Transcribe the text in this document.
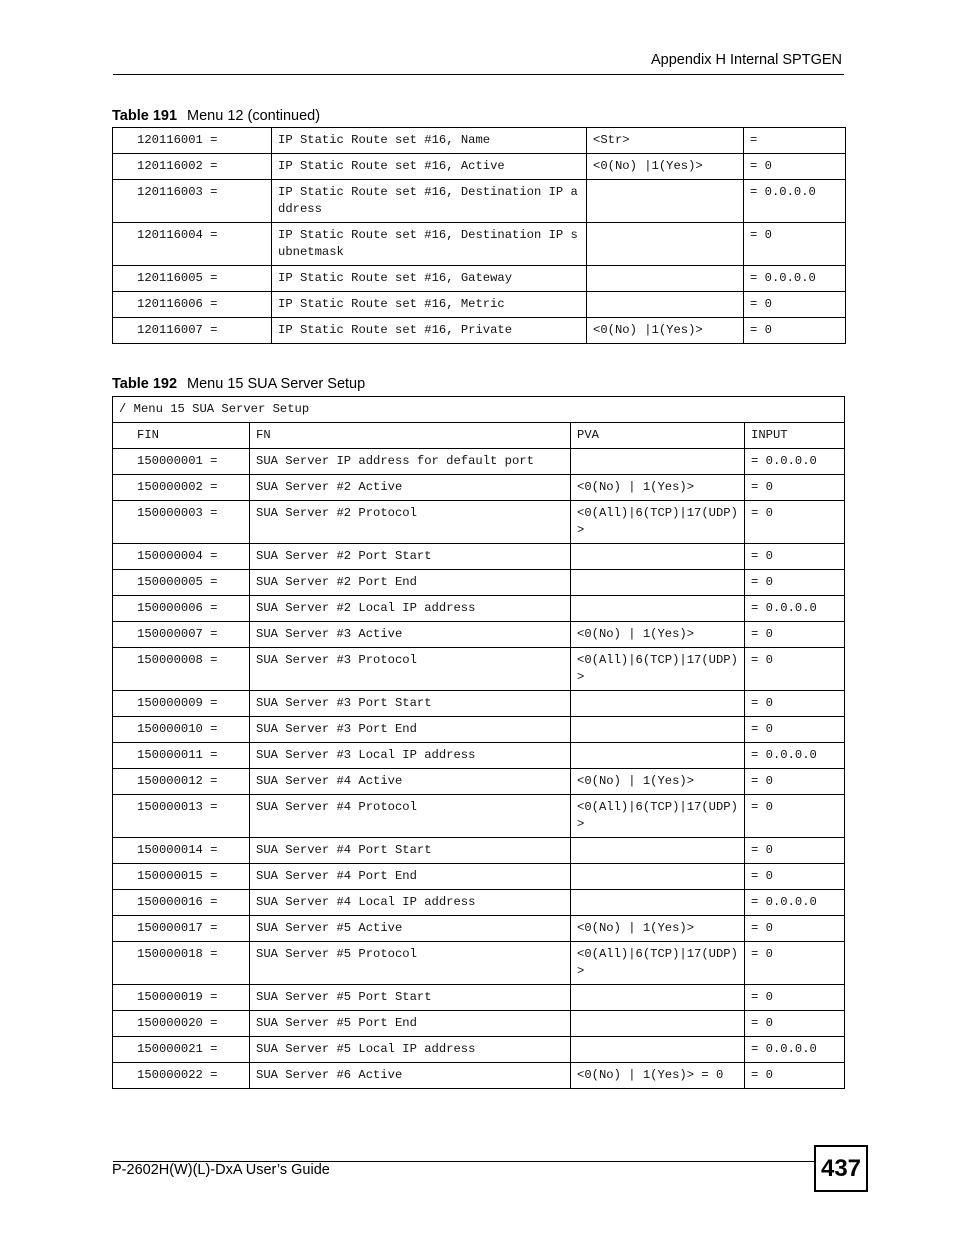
Appendix H Internal SPTGEN
Table 191 Menu 12 (continued)
120116001 =	IP Static Route set #16, Name	<Str>	=
120116002 =	IP Static Route set #16, Active	<0(No) |1(Yes)>	= 0
120116003 =	IP Static Route set #16, Destination IP address		= 0.0.0.0
120116004 =	IP Static Route set #16, Destination IP subnetmask		= 0
120116005 =	IP Static Route set #16, Gateway		= 0.0.0.0
120116006 =	IP Static Route set #16, Metric		= 0
120116007 =	IP Static Route set #16, Private	<0(No) |1(Yes)>	= 0
Table 192 Menu 15 SUA Server Setup
/ Menu 15 SUA Server Setup			
FIN	FN	PVA	INPUT
150000001 =	SUA Server IP address for default port		= 0.0.0.0
150000002 =	SUA Server #2 Active	<0(No) | 1(Yes)>	= 0
150000003 =	SUA Server #2 Protocol	<0(All)|6(TCP)|17(UDP)>	= 0
150000004 =	SUA Server #2 Port Start		= 0
150000005 =	SUA Server #2 Port End		= 0
150000006 =	SUA Server #2 Local IP address		= 0.0.0.0
150000007 =	SUA Server #3 Active	<0(No) | 1(Yes)>	= 0
150000008 =	SUA Server #3 Protocol	<0(All)|6(TCP)|17(UDP)>	= 0
150000009 =	SUA Server #3 Port Start		= 0
150000010 =	SUA Server #3 Port End		= 0
150000011 =	SUA Server #3 Local IP address		= 0.0.0.0
150000012 =	SUA Server #4 Active	<0(No) | 1(Yes)>	= 0
150000013 =	SUA Server #4 Protocol	<0(All)|6(TCP)|17(UDP)>	= 0
150000014 =	SUA Server #4 Port Start		= 0
150000015 =	SUA Server #4 Port End		= 0
150000016 =	SUA Server #4 Local IP address		= 0.0.0.0
150000017 =	SUA Server #5 Active	<0(No) | 1(Yes)>	= 0
150000018 =	SUA Server #5 Protocol	<0(All)|6(TCP)|17(UDP)>	= 0
150000019 =	SUA Server #5 Port Start		= 0
150000020 =	SUA Server #5 Port End		= 0
150000021 =	SUA Server #5 Local IP address		= 0.0.0.0
150000022 =	SUA Server #6 Active	<0(No) | 1(Yes)> = 0	= 0
P-2602H(W)(L)-DxA User’s Guide	437
